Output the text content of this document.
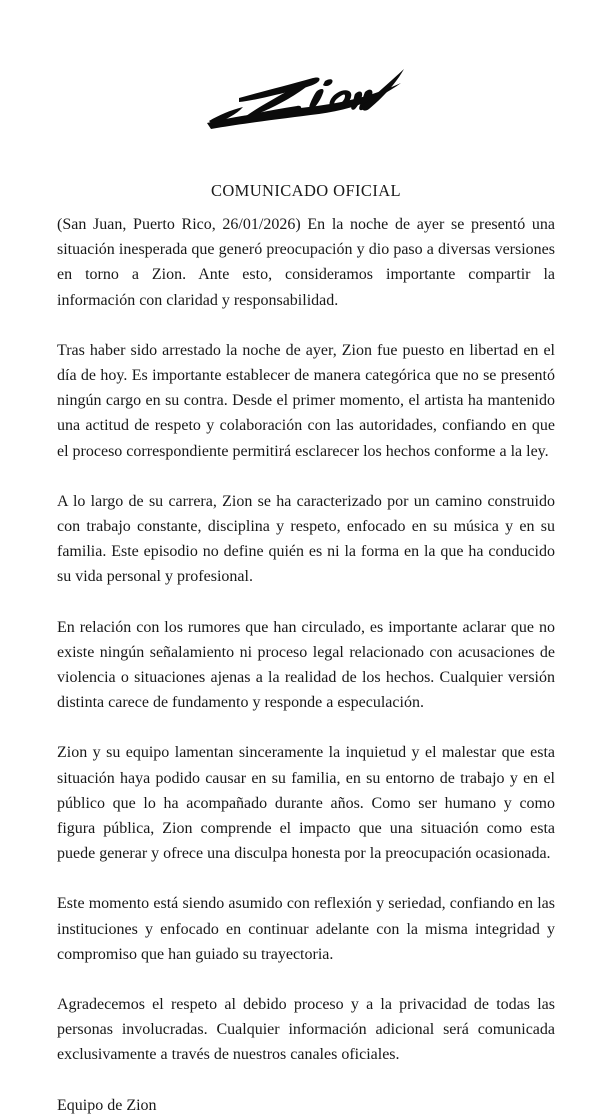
COMUNICADO OFICIAL

(San Juan, Puerto Rico, 26/01/2026) En la noche de ayer se presentó una situación inesperada que generó preocupación y dio paso a diversas versiones en torno a Zion. Ante esto, consideramos importante compartir la información con claridad y responsabilidad.

Tras haber sido arrestado la noche de ayer, Zion fue puesto en libertad en el día de hoy. Es importante establecer de manera categórica que no se presentó ningún cargo en su contra. Desde el primer momento, el artista ha mantenido una actitud de respeto y colaboración con las autoridades, confiando en que el proceso correspondiente permitirá esclarecer los hechos conforme a la ley.

A lo largo de su carrera, Zion se ha caracterizado por un camino construido con trabajo constante, disciplina y respeto, enfocado en su música y en su familia. Este episodio no define quién es ni la forma en la que ha conducido su vida personal y profesional.

En relación con los rumores que han circulado, es importante aclarar que no existe ningún señalamiento ni proceso legal relacionado con acusaciones de violencia o situaciones ajenas a la realidad de los hechos. Cualquier versión distinta carece de fundamento y responde a especulación.

Zion y su equipo lamentan sinceramente la inquietud y el malestar que esta situación haya podido causar en su familia, en su entorno de trabajo y en el público que lo ha acompañado durante años. Como ser humano y como figura pública, Zion comprende el impacto que una situación como esta puede generar y ofrece una disculpa honesta por la preocupación ocasionada.

Este momento está siendo asumido con reflexión y seriedad, confiando en las instituciones y enfocado en continuar adelante con la misma integridad y compromiso que han guiado su trayectoria.

Agradecemos el respeto al debido proceso y a la privacidad de todas las personas involucradas. Cualquier información adicional será comunicada exclusivamente a través de nuestros canales oficiales.

Equipo de Zion
